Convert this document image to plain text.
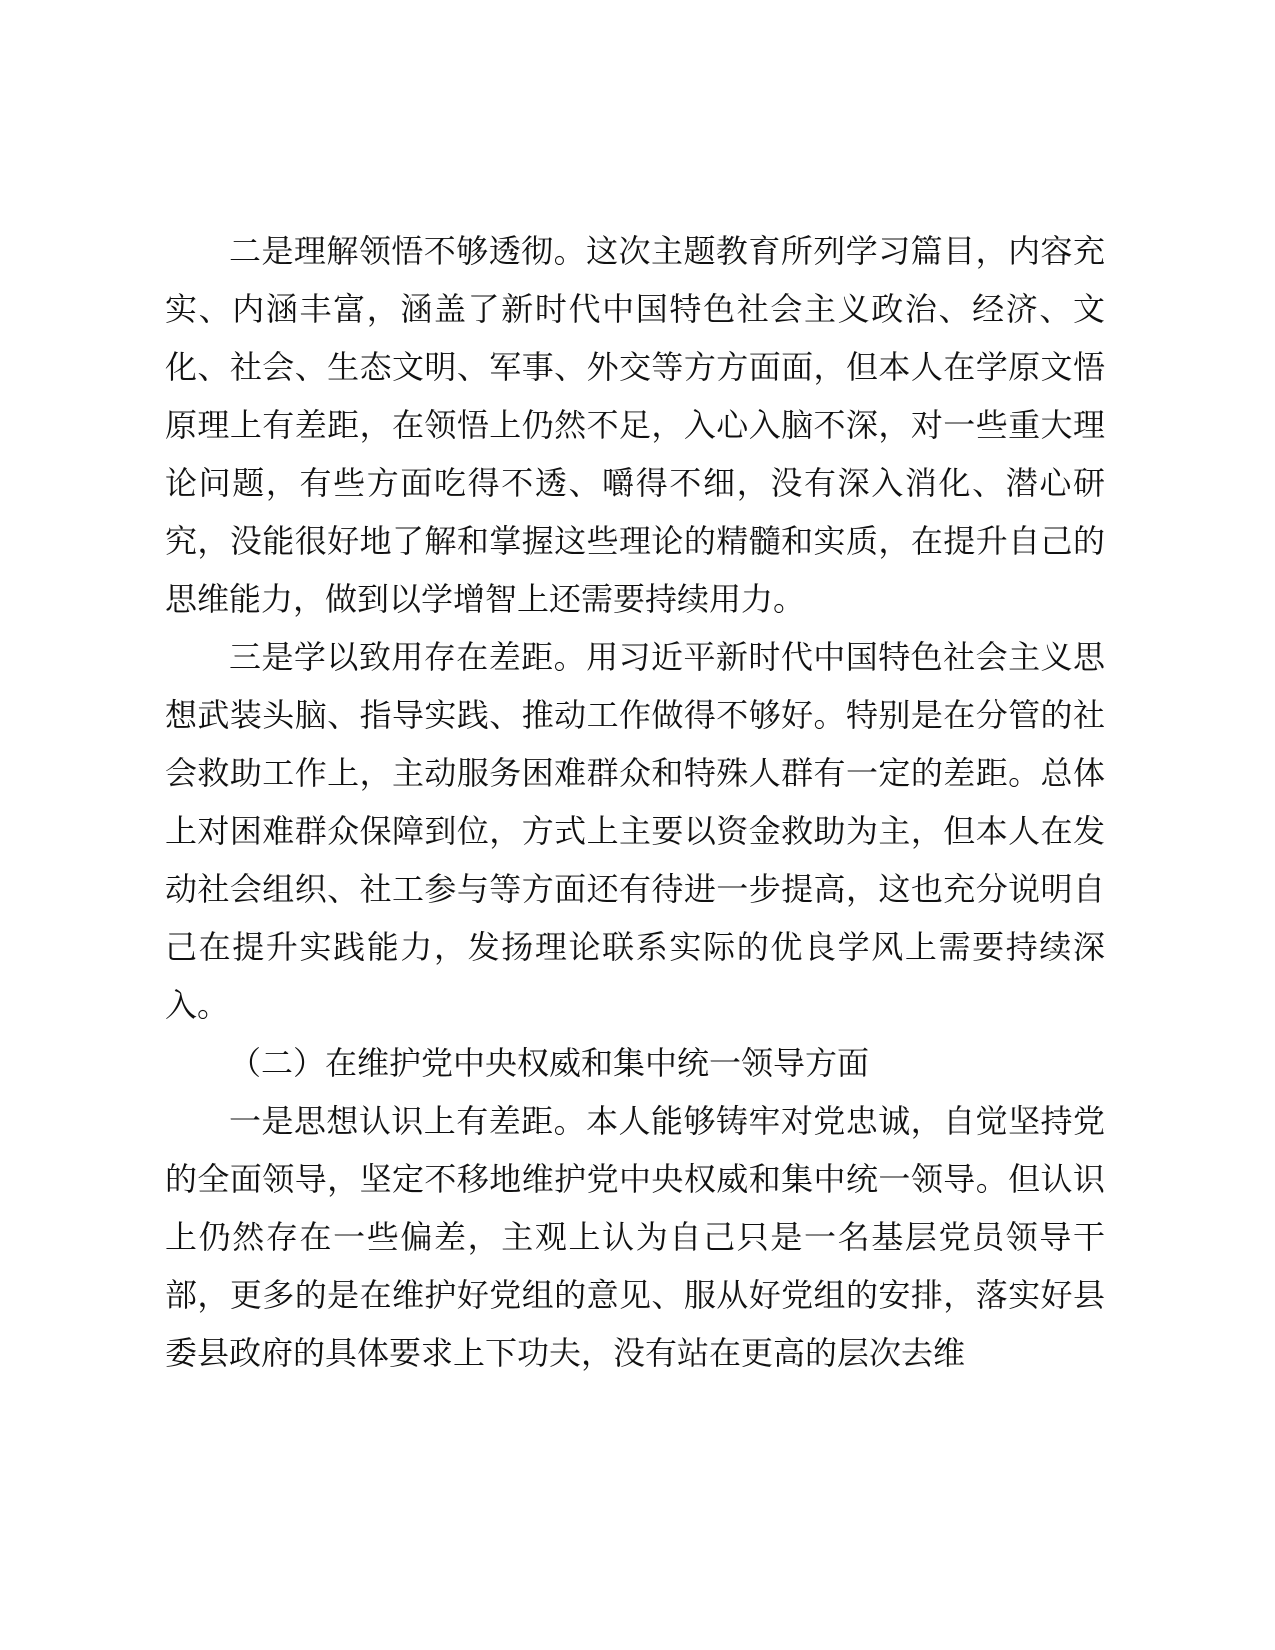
二是理解领悟不够透彻。这次主题教育所列学习篇目，内容充实、内涵丰富，涵盖了新时代中国特色社会主义政治、经济、文化、社会、生态文明、军事、外交等方方面面，但本人在学原文悟原理上有差距，在领悟上仍然不足，入心入脑不深，对一些重大理论问题，有些方面吃得不透、嚼得不细，没有深入消化、潜心研究，没能很好地了解和掌握这些理论的精髓和实质，在提升自己的思维能力，做到以学增智上还需要持续用力。

三是学以致用存在差距。用习近平新时代中国特色社会主义思想武装头脑、指导实践、推动工作做得不够好。特别是在分管的社会救助工作上，主动服务困难群众和特殊人群有一定的差距。总体上对困难群众保障到位，方式上主要以资金救助为主，但本人在发动社会组织、社工参与等方面还有待进一步提高，这也充分说明自己在提升实践能力，发扬理论联系实际的优良学风上需要持续深入。

（二）在维护党中央权威和集中统一领导方面

一是思想认识上有差距。本人能够铸牢对党忠诚，自觉坚持党的全面领导，坚定不移地维护党中央权威和集中统一领导。但认识上仍然存在一些偏差，主观上认为自己只是一名基层党员领导干部，更多的是在维护好党组的意见、服从好党组的安排，落实好县委县政府的具体要求上下功夫，没有站在更高的层次去维
